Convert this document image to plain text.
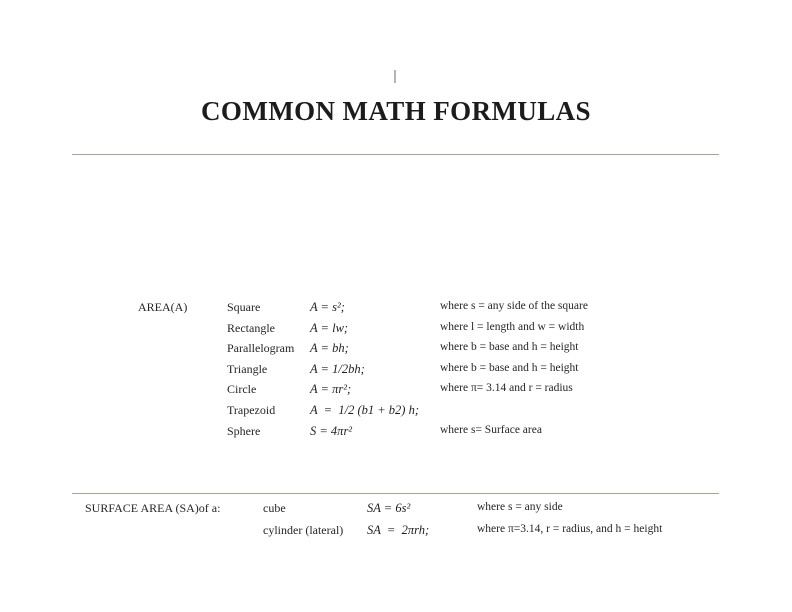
COMMON MATH FORMULAS
AREA(A)	Square	A = s²;	where s = any side of the square
Rectangle	A = lw;	where l = length and w = width
Parallelogram	A = bh;	where b = base and h = height
Triangle	A = 1/2bh;	where b = base and h = height
Circle	A = πr²;	where π= 3.14 and r = radius
Trapezoid	A  =  1/2 (b1 + b2) h;
Sphere	S = 4πr²	where s= Surface area
SURFACE AREA (SA)of a:	cube	SA = 6s²	where s = any side
cylinder (lateral)	SA  =  2πrh;	where π=3.14, r = radius, and h = height
